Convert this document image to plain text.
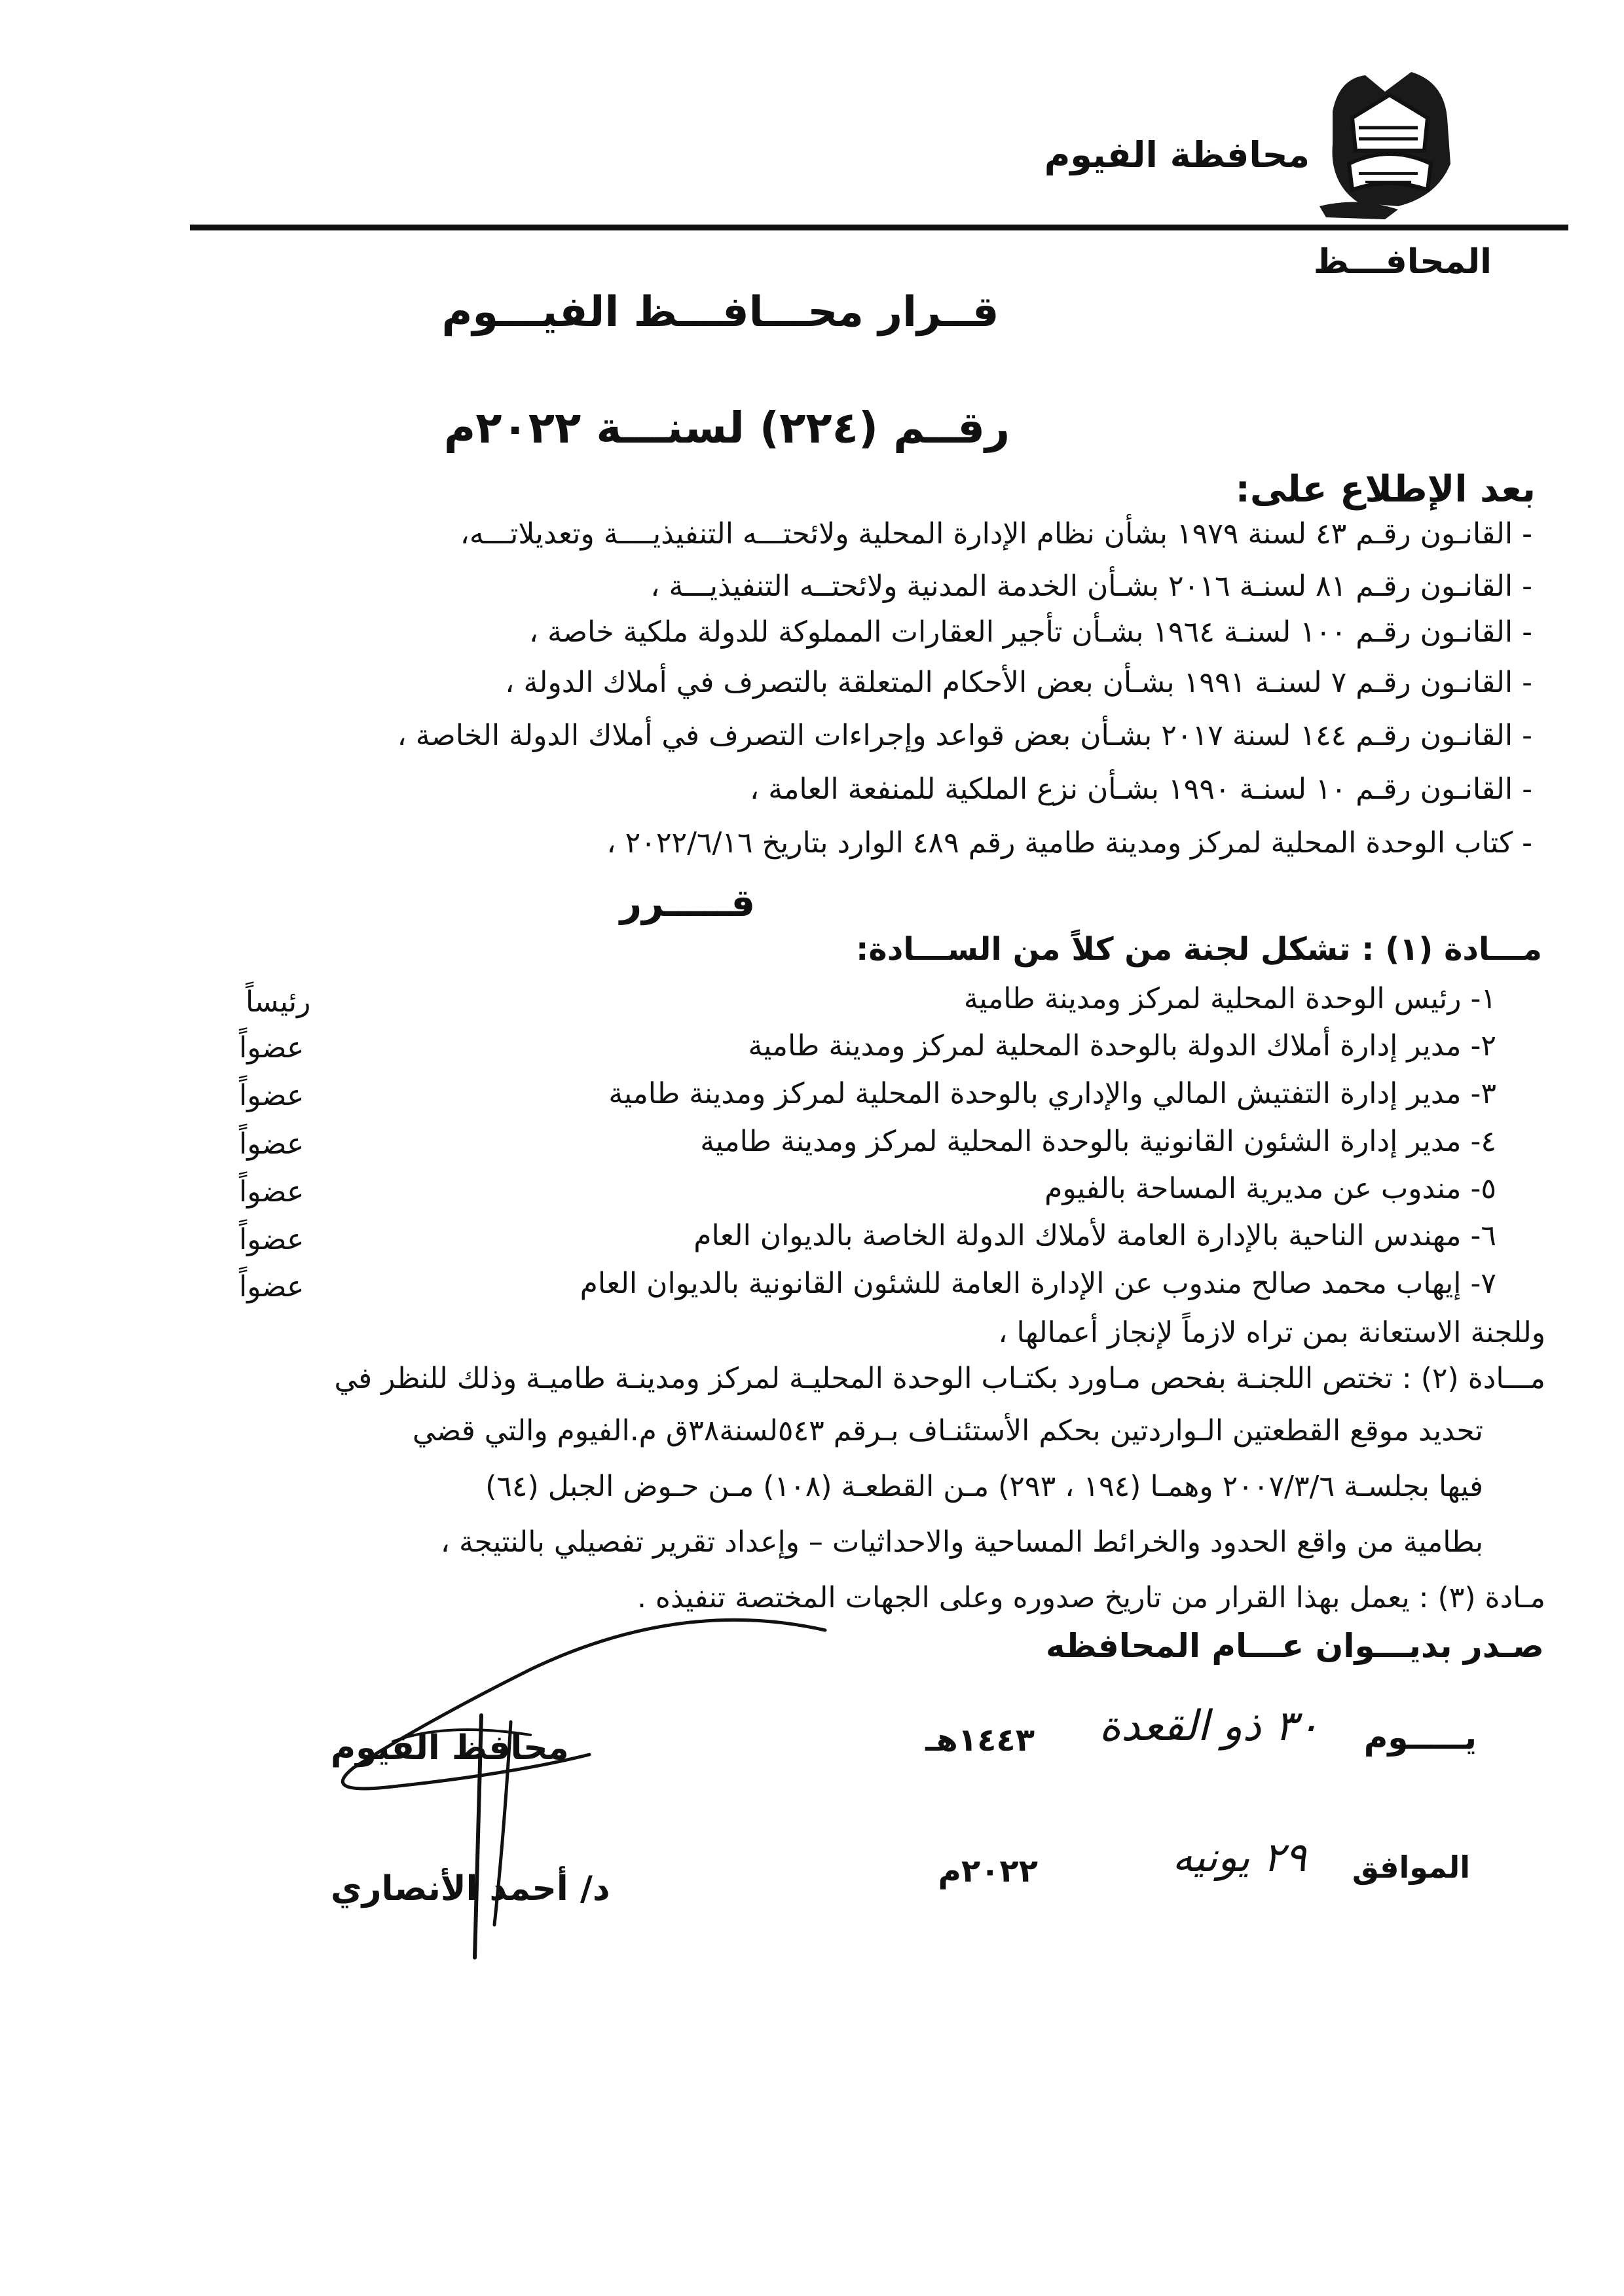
محافظة الفيوم
المحافـــظ
قــرار محـــافـــظ الفيـــوم
رقــم (٢٢٤) لسنـــة ٢٠٢٢م
بعد الإطلاع على:
- القانـون رقـم ٤٣ لسنة ١٩٧٩ بشأن نظام الإدارة المحلية ولائحتـــه التنفيذيــــة وتعديلاتـــه،
- القانـون رقـم ٨١ لسنـة ٢٠١٦ بشـأن الخدمة المدنية ولائحتــه التنفيذيـــة ،
- القانـون رقـم ١٠٠ لسنـة ١٩٦٤ بشـأن تأجير العقارات المملوكة للدولة ملكية خاصة ،
- القانـون رقـم ٧ لسنـة ١٩٩١ بشـأن بعض الأحكام المتعلقة بالتصرف في أملاك الدولة ،
- القانـون رقـم ١٤٤ لسنة ٢٠١٧ بشـأن بعض قواعد وإجراءات التصرف في أملاك الدولة الخاصة ،
- القانـون رقـم ١٠ لسنـة ١٩٩٠ بشـأن نزع الملكية للمنفعة العامة ،
- كتاب الوحدة المحلية لمركز ومدينة طامية رقم ٤٨٩ الوارد بتاريخ ٢٠٢٢/٦/١٦ ،
قـــــرر
مـــادة (١) : تشكل لجنة من كلاً من الســـادة:
١- رئيس الوحدة المحلية لمركز ومدينة طامية
رئيساً
٢- مدير إدارة أملاك الدولة بالوحدة المحلية لمركز ومدينة طامية
عضواً
٣- مدير إدارة التفتيش المالي والإداري بالوحدة المحلية لمركز ومدينة طامية
عضواً
٤- مدير إدارة الشئون القانونية بالوحدة المحلية لمركز ومدينة طامية
عضواً
٥- مندوب عن مديرية المساحة بالفيوم
عضواً
٦- مهندس الناحية بالإدارة العامة لأملاك الدولة الخاصة بالديوان العام
عضواً
٧- إيهاب محمد صالح مندوب عن الإدارة العامة للشئون القانونية بالديوان العام
عضواً
وللجنة الاستعانة بمن تراه لازماً لإنجاز أعمالها ،
مـــادة (٢) : تختص اللجنـة بفحص مـاورد بكتـاب الوحدة المحليـة لمركز ومدينـة طاميـة وذلك للنظر في
تحديد موقع القطعتين الـواردتين بحكم الأستئنـاف بـرقم ٥٤٣لسنة٣٨ق م.الفيوم والتي قضي
فيها بجلسـة ٢٠٠٧/٣/٦ وهمـا (١٩٤ ، ٢٩٣) مـن القطعـة (١٠٨) مـن حـوض الجبل (٦٤)
بطامية من واقع الحدود والخرائط المساحية والاحداثيات – وإعداد تقرير تفصيلي بالنتيجة ،
مـادة (٣) : يعمل بهذا القرار من تاريخ صدوره وعلى الجهات المختصة تنفيذه .
صـدر بديـــوان عـــام المحافظه
يـــــوم
٣٠ ذو القعدة
١٤٤٣هـ
الموافق
٢٩ يونيه
٢٠٢٢م
محافظ الفيوم
د/ أحمد الأنصاري
